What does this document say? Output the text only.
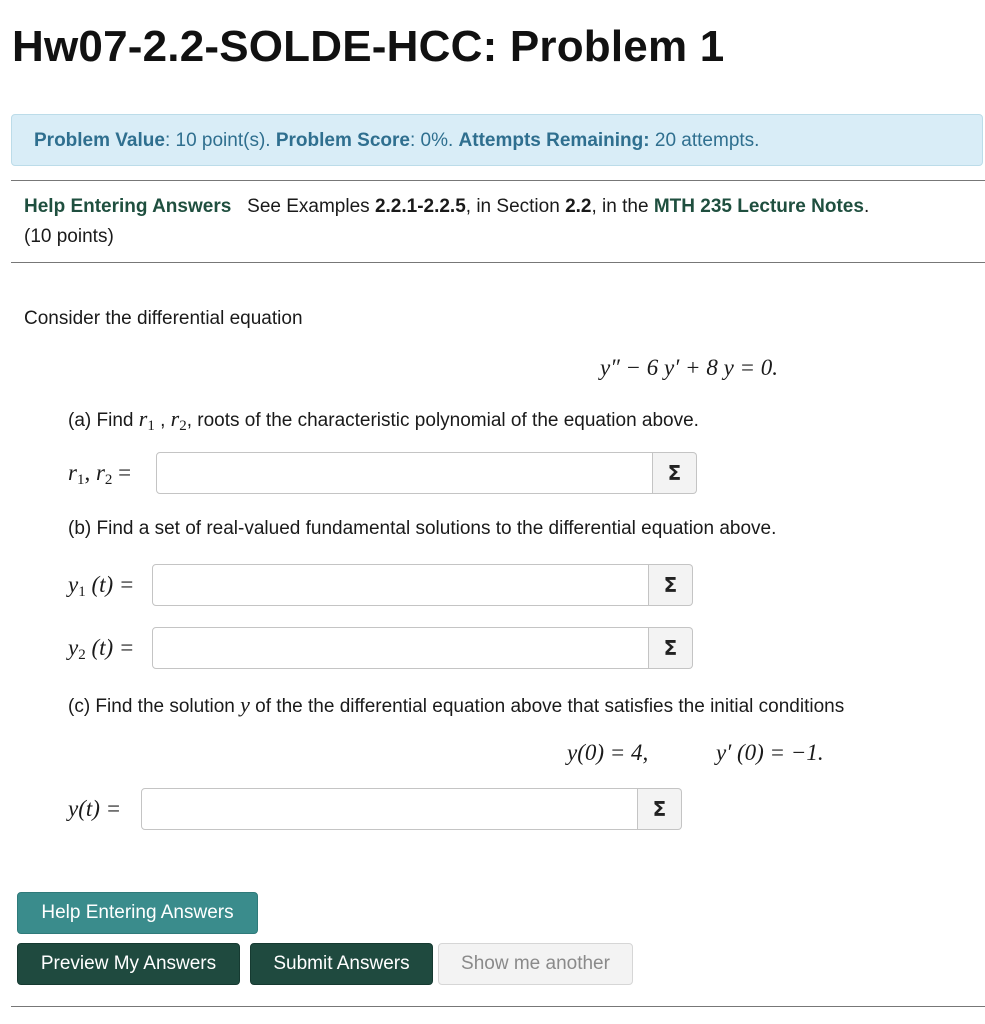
Hw07-2.2-SOLDE-HCC: Problem 1
Problem Value: 10 point(s). Problem Score: 0%. Attempts Remaining: 20 attempts.
Help Entering Answers See Examples 2.2.1-2.2.5, in Section 2.2, in the MTH 235 Lecture Notes.
(10 points)
Consider the differential equation
y″ − 6 y′ + 8 y = 0.
(a) Find $r_1$ , $r_2$, roots of the characteristic polynomial of the equation above.
$r_1$, $r_2$ =	Σ
(b) Find a set of real-valued fundamental solutions to the differential equation above.
$y_1$ (t) =	Σ
$y_2$ (t) =	Σ
(c) Find the solution y of the the differential equation above that satisfies the initial conditions
y(0) = 4,	y′ (0) = −1.
y(t) =	Σ
Help Entering Answers
Preview My Answers	Submit Answers	Show me another
